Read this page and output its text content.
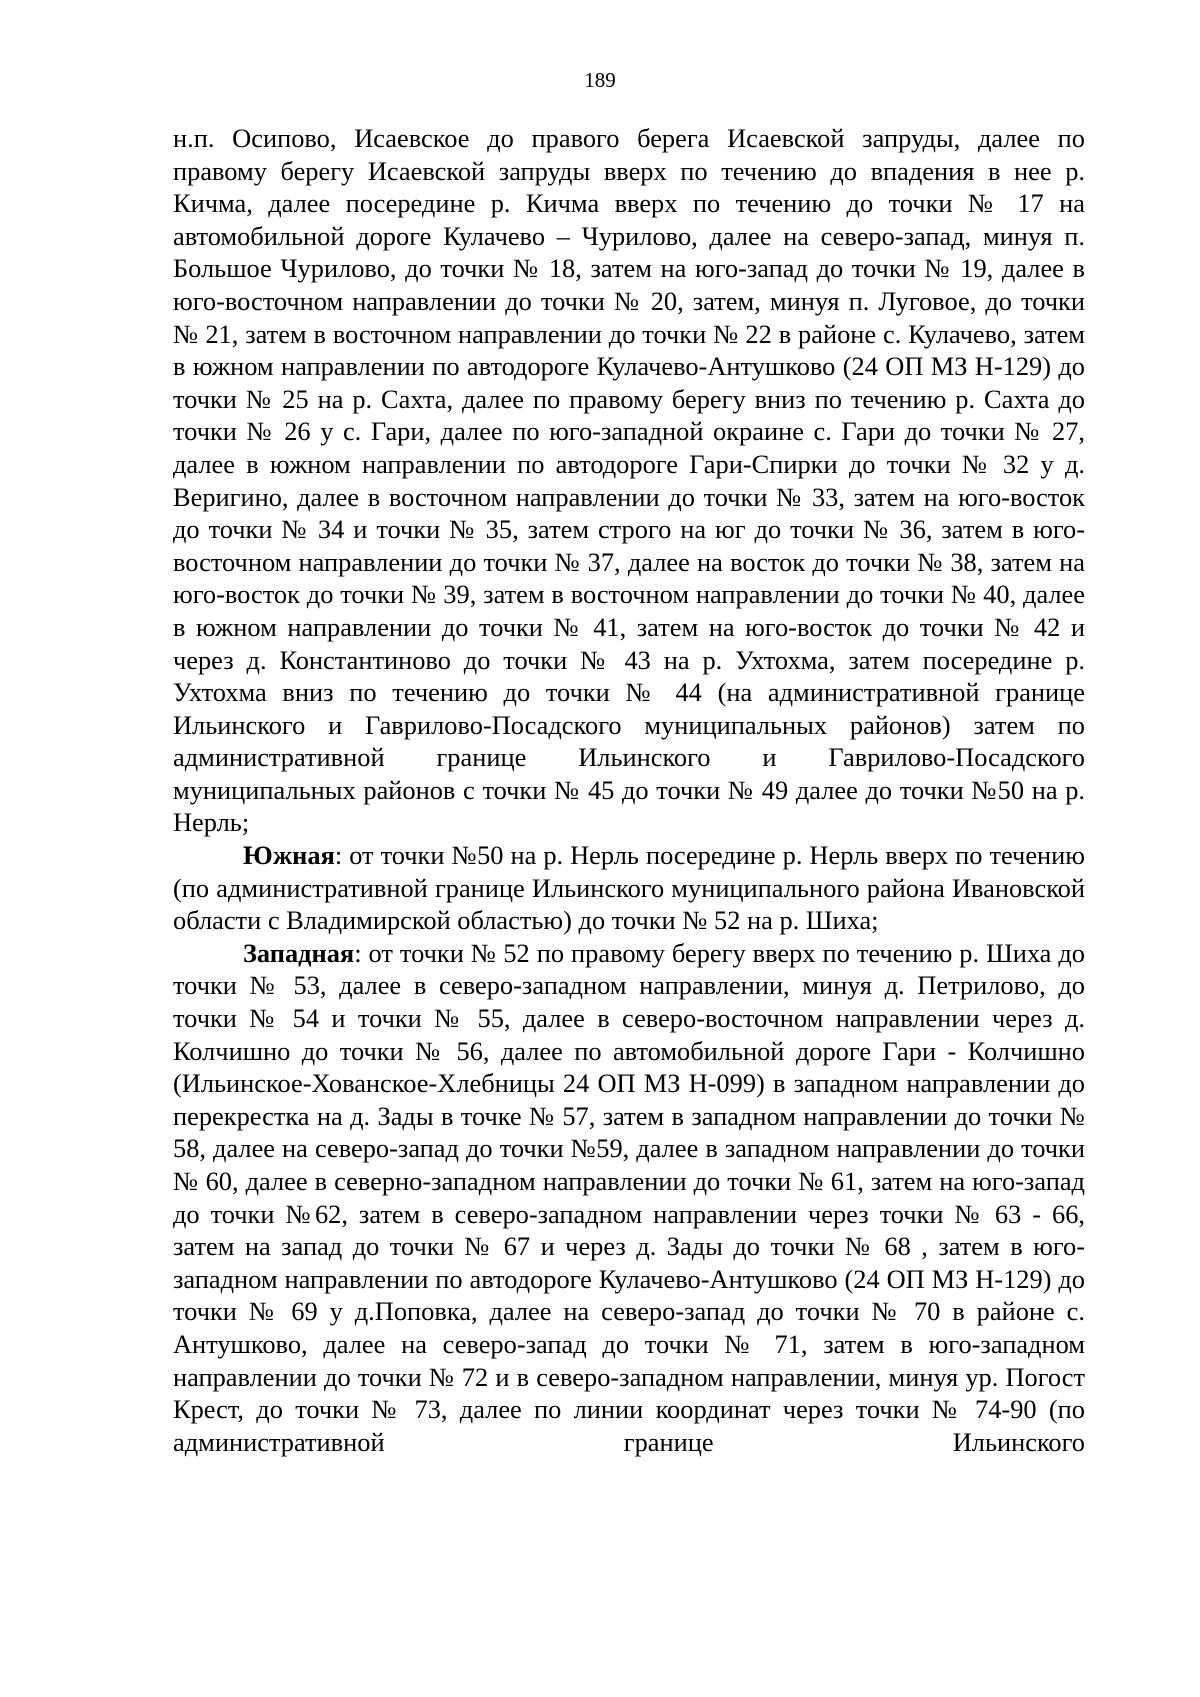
189

н.п. Осипово, Исаевское до правого берега Исаевской запруды, далее по правому берегу Исаевской запруды вверх по течению до впадения в нее р. Кичма, далее посередине р. Кичма вверх по течению до точки № 17 на автомобильной дороге Кулачево – Чурилово, далее на северо-запад, минуя п. Большое Чурилово, до точки № 18, затем на юго-запад до точки № 19, далее в юго-восточном направлении до точки № 20, затем, минуя п. Луговое, до точки № 21, затем в восточном направлении до точки № 22 в районе с. Кулачево, затем в южном направлении по автодороге Кулачево-Антушково (24 ОП МЗ Н-129) до точки № 25 на р. Сахта, далее по правому берегу вниз по течению р. Сахта до точки № 26 у с. Гари, далее по юго-западной окраине с. Гари до точки № 27, далее в южном направлении по автодороге Гари-Спирки до точки № 32 у д. Веригино, далее в восточном направлении до точки № 33, затем на юго-восток до точки № 34 и точки № 35, затем строго на юг до точки № 36, затем в юго-восточном направлении до точки № 37, далее на восток до точки № 38, затем на юго-восток до точки № 39, затем в восточном направлении до точки № 40, далее в южном направлении до точки № 41, затем на юго-восток до точки № 42 и через д. Константиново до точки № 43 на р. Ухтохма, затем посередине р. Ухтохма вниз по течению до точки № 44 (на административной границе Ильинского и Гаврилово-Посадского муниципальных районов) затем по административной границе Ильинского и Гаврилово-Посадского муниципальных районов с точки № 45 до точки № 49 далее до точки №50 на р. Нерль;

Южная: от точки №50 на р. Нерль посередине р. Нерль вверх по течению (по административной границе Ильинского муниципального района Ивановской области с Владимирской областью) до точки № 52 на р. Шиха;

Западная: от точки № 52 по правому берегу вверх по течению р. Шиха до точки № 53, далее в северо-западном направлении, минуя д. Петрилово, до точки № 54 и точки № 55, далее в северо-восточном направлении через д. Колчишно до точки № 56, далее по автомобильной дороге Гари - Колчишно (Ильинское-Хованское-Хлебницы 24 ОП МЗ Н-099) в западном направлении до перекрестка на д. Зады в точке № 57, затем в западном направлении до точки № 58, далее на северо-запад до точки №59, далее в западном направлении до точки № 60, далее в северно-западном направлении до точки № 61, затем на юго-запад до точки №62, затем в северо-западном направлении через точки № 63 - 66, затем на запад до точки № 67 и через д. Зады до точки № 68 , затем в юго-западном направлении по автодороге Кулачево-Антушково (24 ОП МЗ Н-129) до точки № 69 у д.Поповка, далее на северо-запад до точки № 70 в районе с. Антушково, далее на северо-запад до точки № 71, затем в юго-западном направлении до точки № 72 и в северо-западном направлении, минуя ур. Погост Крест, до точки № 73, далее по линии координат через точки № 74-90 (по административной границе Ильинского
